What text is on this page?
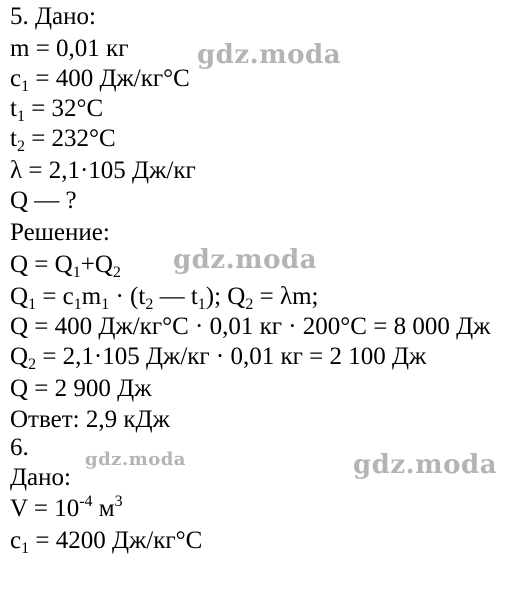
5. Дано:
m = 0,01 кг
$c_1 = 400$ Дж/кг°C
$t_1 = 32^\circ C$
$t_2 = 232^\circ C$
λ = 2,1·105 Дж/кг
Q — ?
Решение:
$Q = Q_1+Q_2$
$Q_1 = c_1m_1 \cdot (t_2$ — $t_1$); $Q_2 = \lambda m$;
Q = 400 Дж/кг°C · 0,01 кг · 200°C = 8 000 Дж
$Q_2 = 2,1\cdot 105$ Дж/кг · 0,01 кг = 2 100 Дж
Q = 2 900 Дж
Ответ: 2,9 кДж
6.
Дано:
$V = 10^{-4}$ $м^3$
$c_1 = 4200$ Дж/кг°C
gdz.moda
gdz.moda
gdz.moda	gdz.moda
